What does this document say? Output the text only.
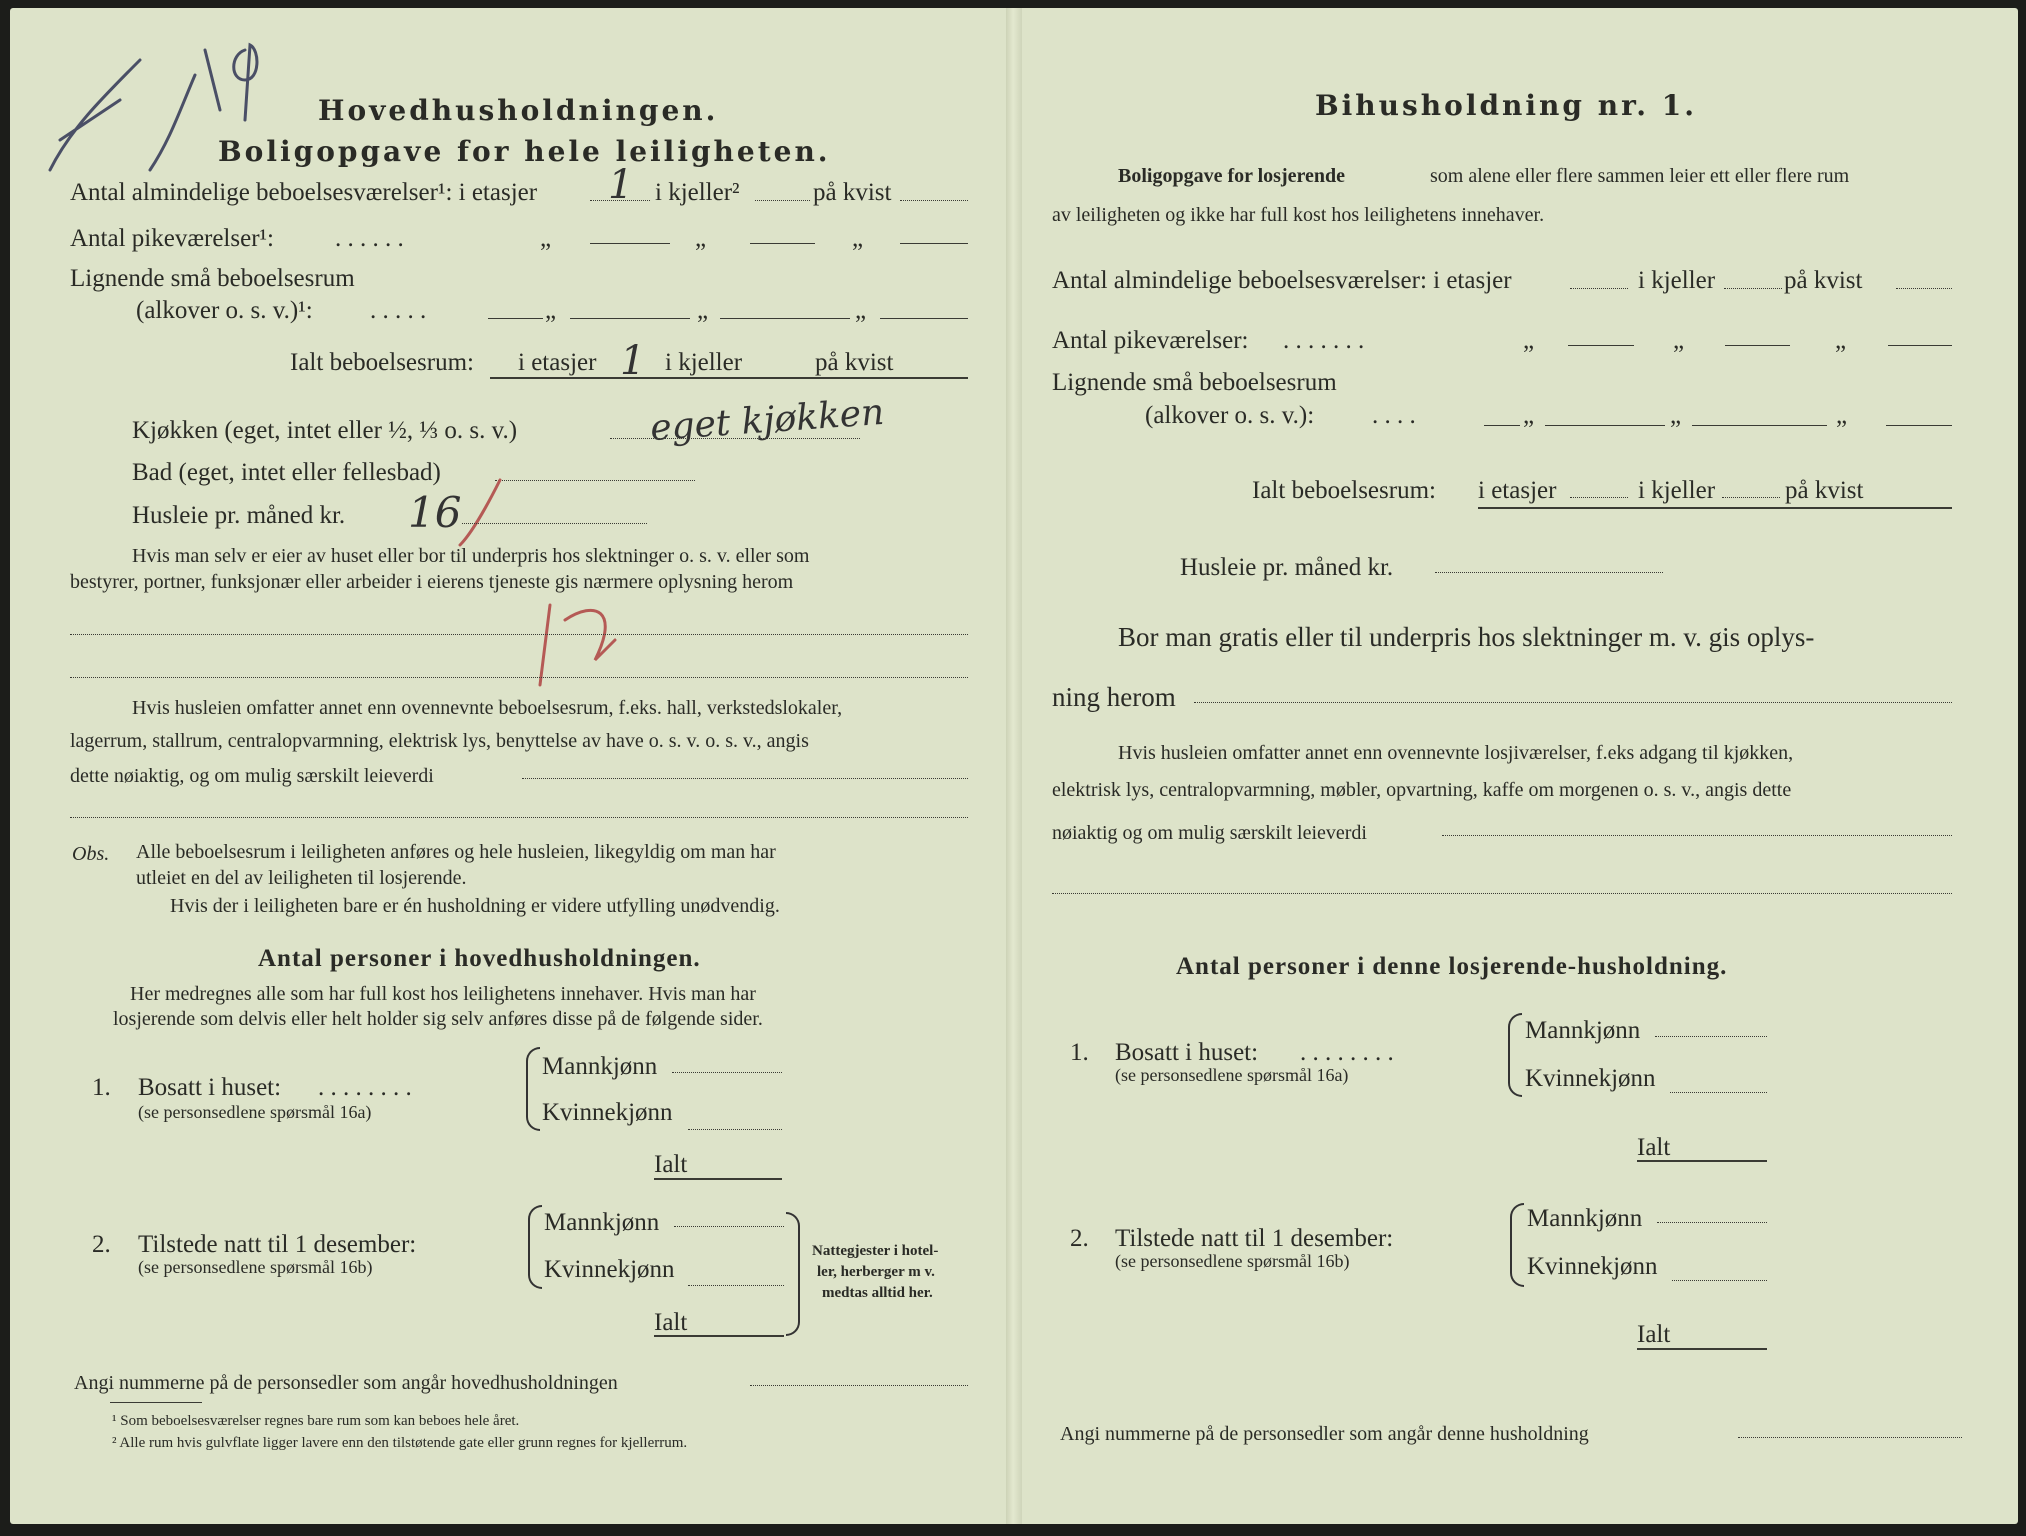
Hovedhusholdningen.
Boligopgave for hele leiligheten.
Antal almindelige beboelsesværelser¹: i etasjer 1 i kjeller²	på kvist
Antal pikeværelser¹: . . . . . .	„	„	„
Lignende små beboelsesrum
(alkover o. s. v.)¹: . . . . .	„	„	„
Ialt beboelsesrum: i etasjer 1 i kjeller	på kvist
Kjøkken (eget, intet eller ½, ⅓ o. s. v.)	eget kjøkken
Bad (eget, intet eller fellesbad)
Husleie pr. måned kr. 16
Hvis man selv er eier av huset eller bor til underpris hos slektninger o. s. v. eller som
bestyrer, portner, funksjonær eller arbeider i eierens tjeneste gis nærmere oplysning herom
Hvis husleien omfatter annet enn ovennevnte beboelsesrum, f.eks. hall, verkstedslokaler,
lagerrum, stallrum, centralopvarmning, elektrisk lys, benyttelse av have o. s. v. o. s. v., angis
dette nøiaktig, og om mulig særskilt leieverdi
Obs. Alle beboelsesrum i leiligheten anføres og hele husleien, likegyldig om man har
utleiet en del av leiligheten til losjerende.
Hvis der i leiligheten bare er én husholdning er videre utfylling unødvendig.
Antal personer i hovedhusholdningen.
Her medregnes alle som har full kost hos leilighetens innehaver. Hvis man har
losjerende som delvis eller helt holder sig selv anføres disse på de følgende sider.
1. Bosatt i huset: . . . . . . . .
(se personsedlene spørsmål 16a)
Mannkjønn
Kvinnekjønn
Ialt
2. Tilstede natt til 1 desember:
(se personsedlene spørsmål 16b)
Mannkjønn
Kvinnekjønn
Ialt
Nattegjester i hotel-
ler, herberger m v.
medtas alltid her.
Angi nummerne på de personsedler som angår hovedhusholdningen
¹ Som beboelsesværelser regnes bare rum som kan beboes hele året.
² Alle rum hvis gulvflate ligger lavere enn den tilstøtende gate eller grunn regnes for kjellerrum.
Bihusholdning nr. 1.
Boligopgave for losjerende	som alene eller flere sammen leier ett eller flere rum
av leiligheten og ikke har full kost hos leilighetens innehaver.
Antal almindelige beboelsesværelser: i etasjer	i kjeller	på kvist
Antal pikeværelser: . . . . . . .	„	„	„
Lignende små beboelsesrum
(alkover o. s. v.): . . . .	„	„	„
Ialt beboelsesrum: i etasjer	i kjeller	på kvist
Husleie pr. måned kr.
Bor man gratis eller til underpris hos slektninger m. v. gis oplys-
ning herom
Hvis husleien omfatter annet enn ovennevnte losjiværelser, f.eks adgang til kjøkken,
elektrisk lys, centralopvarmning, møbler, opvartning, kaffe om morgenen o. s. v., angis dette
nøiaktig og om mulig særskilt leieverdi
Antal personer i denne losjerende-husholdning.
1. Bosatt i huset: . . . . . . . .
(se personsedlene spørsmål 16a)
Mannkjønn
Kvinnekjønn
Ialt
2. Tilstede natt til 1 desember:
(se personsedlene spørsmål 16b)
Mannkjønn
Kvinnekjønn
Ialt
Angi nummerne på de personsedler som angår denne husholdning
